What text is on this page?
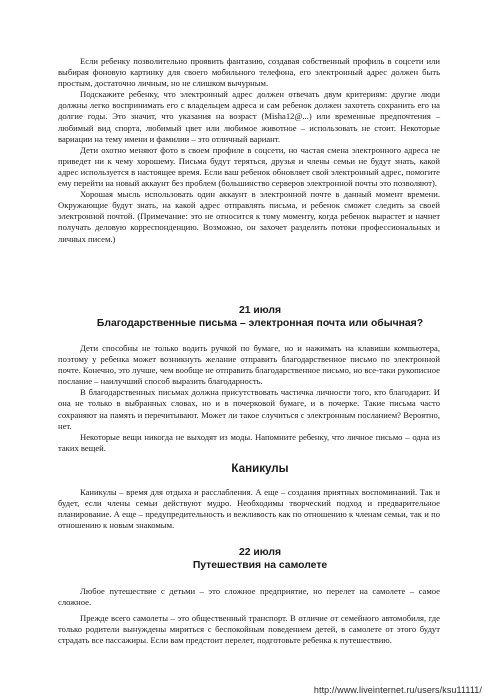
Если ребенку позволительно проявить фантазию, создавая собственный профиль в соцсети или выбирая фоновую картинку для своего мобильного телефона, его электронный адрес должен быть простым, достаточно личным, но не слишком вычурным.

Подскажите ребенку, что электронный адрес должен отвечать двум критериям: другие люди должны легко воспринимать его с владельцем адреса и сам ребенок должен захотеть сохранить его на долгие годы. Это значит, что указания на возраст (Misha12@...) или временные предпочтения – любимый вид спорта, любимый цвет или любимое животное – использовать не стоит. Некоторые вариации на тему имени и фамилии – это отличный вариант.

Дети охотно меняют фото в своем профиле в соцсети, но частая смена электронного адреса не приведет ни к чему хорошему. Письма будут теряться, друзья и члены семьи не будут знать, какой адрес используется в настоящее время. Если ваш ребенок обновляет свой электронный адрес, помогите ему перейти на новый аккаунт без проблем (большинство серверов электронной почты это позволяют).

Хорошая мысль использовать один аккаунт в электронной почте в данный момент времени. Окружающие будут знать, на какой адрес отправлять письма, и ребенок сможет следить за своей электронной почтой. (Примечание: это не относится к тому моменту, когда ребенок вырастет и начнет получать деловую корреспонденцию. Возможно, он захочет разделить потоки профессиональных и личных писем.)

21 июля

Благодарственные письма – электронная почта или обычная?

Дети способны не только водить ручкой по бумаге, но и нажимать на клавиши компьютера, поэтому у ребенка может возникнуть желание отправить благодарственное письмо по электронной почте. Конечно, это лучше, чем вообще не отправить благодарственное письмо, но все-таки рукописное послание – наилучший способ выразить благодарность.

В благодарственных письмах должна присутствовать частичка личности того, кто благодарит. И она не только в выбранных словах, но и в почерковой бумаге, и в почерке. Такие письма часто сохраняют на память и перечитывают. Может ли такое случиться с электронным посланием? Вероятно, нет.

Некоторые вещи никогда не выходят из моды. Напомните ребенку, что личное письмо – одна из таких вещей.

Каникулы

Каникулы – время для отдыха и расслабления. А еще – создания приятных воспоминаний. Так и будет, если члены семьи действуют мудро. Необходимы творческий подход и предварительное планирование. А еще – предупредительность и вежливость как по отношению к членам семьи, так и по отношению к новым знакомым.

22 июля

Путешествия на самолете

Любое путешествие с детьми – это сложное предприятие, но перелет на самолете – самое сложное.

Прежде всего самолеты – это общественный транспорт. В отличие от семейного автомобиля, где только родители вынуждены мириться с беспокойным поведением детей, в самолете от этого будут страдать все пассажиры. Если вам предстоит перелет, подготовьте ребенка к путешествию.

http://www.liveinternet.ru/users/ksu11111/
